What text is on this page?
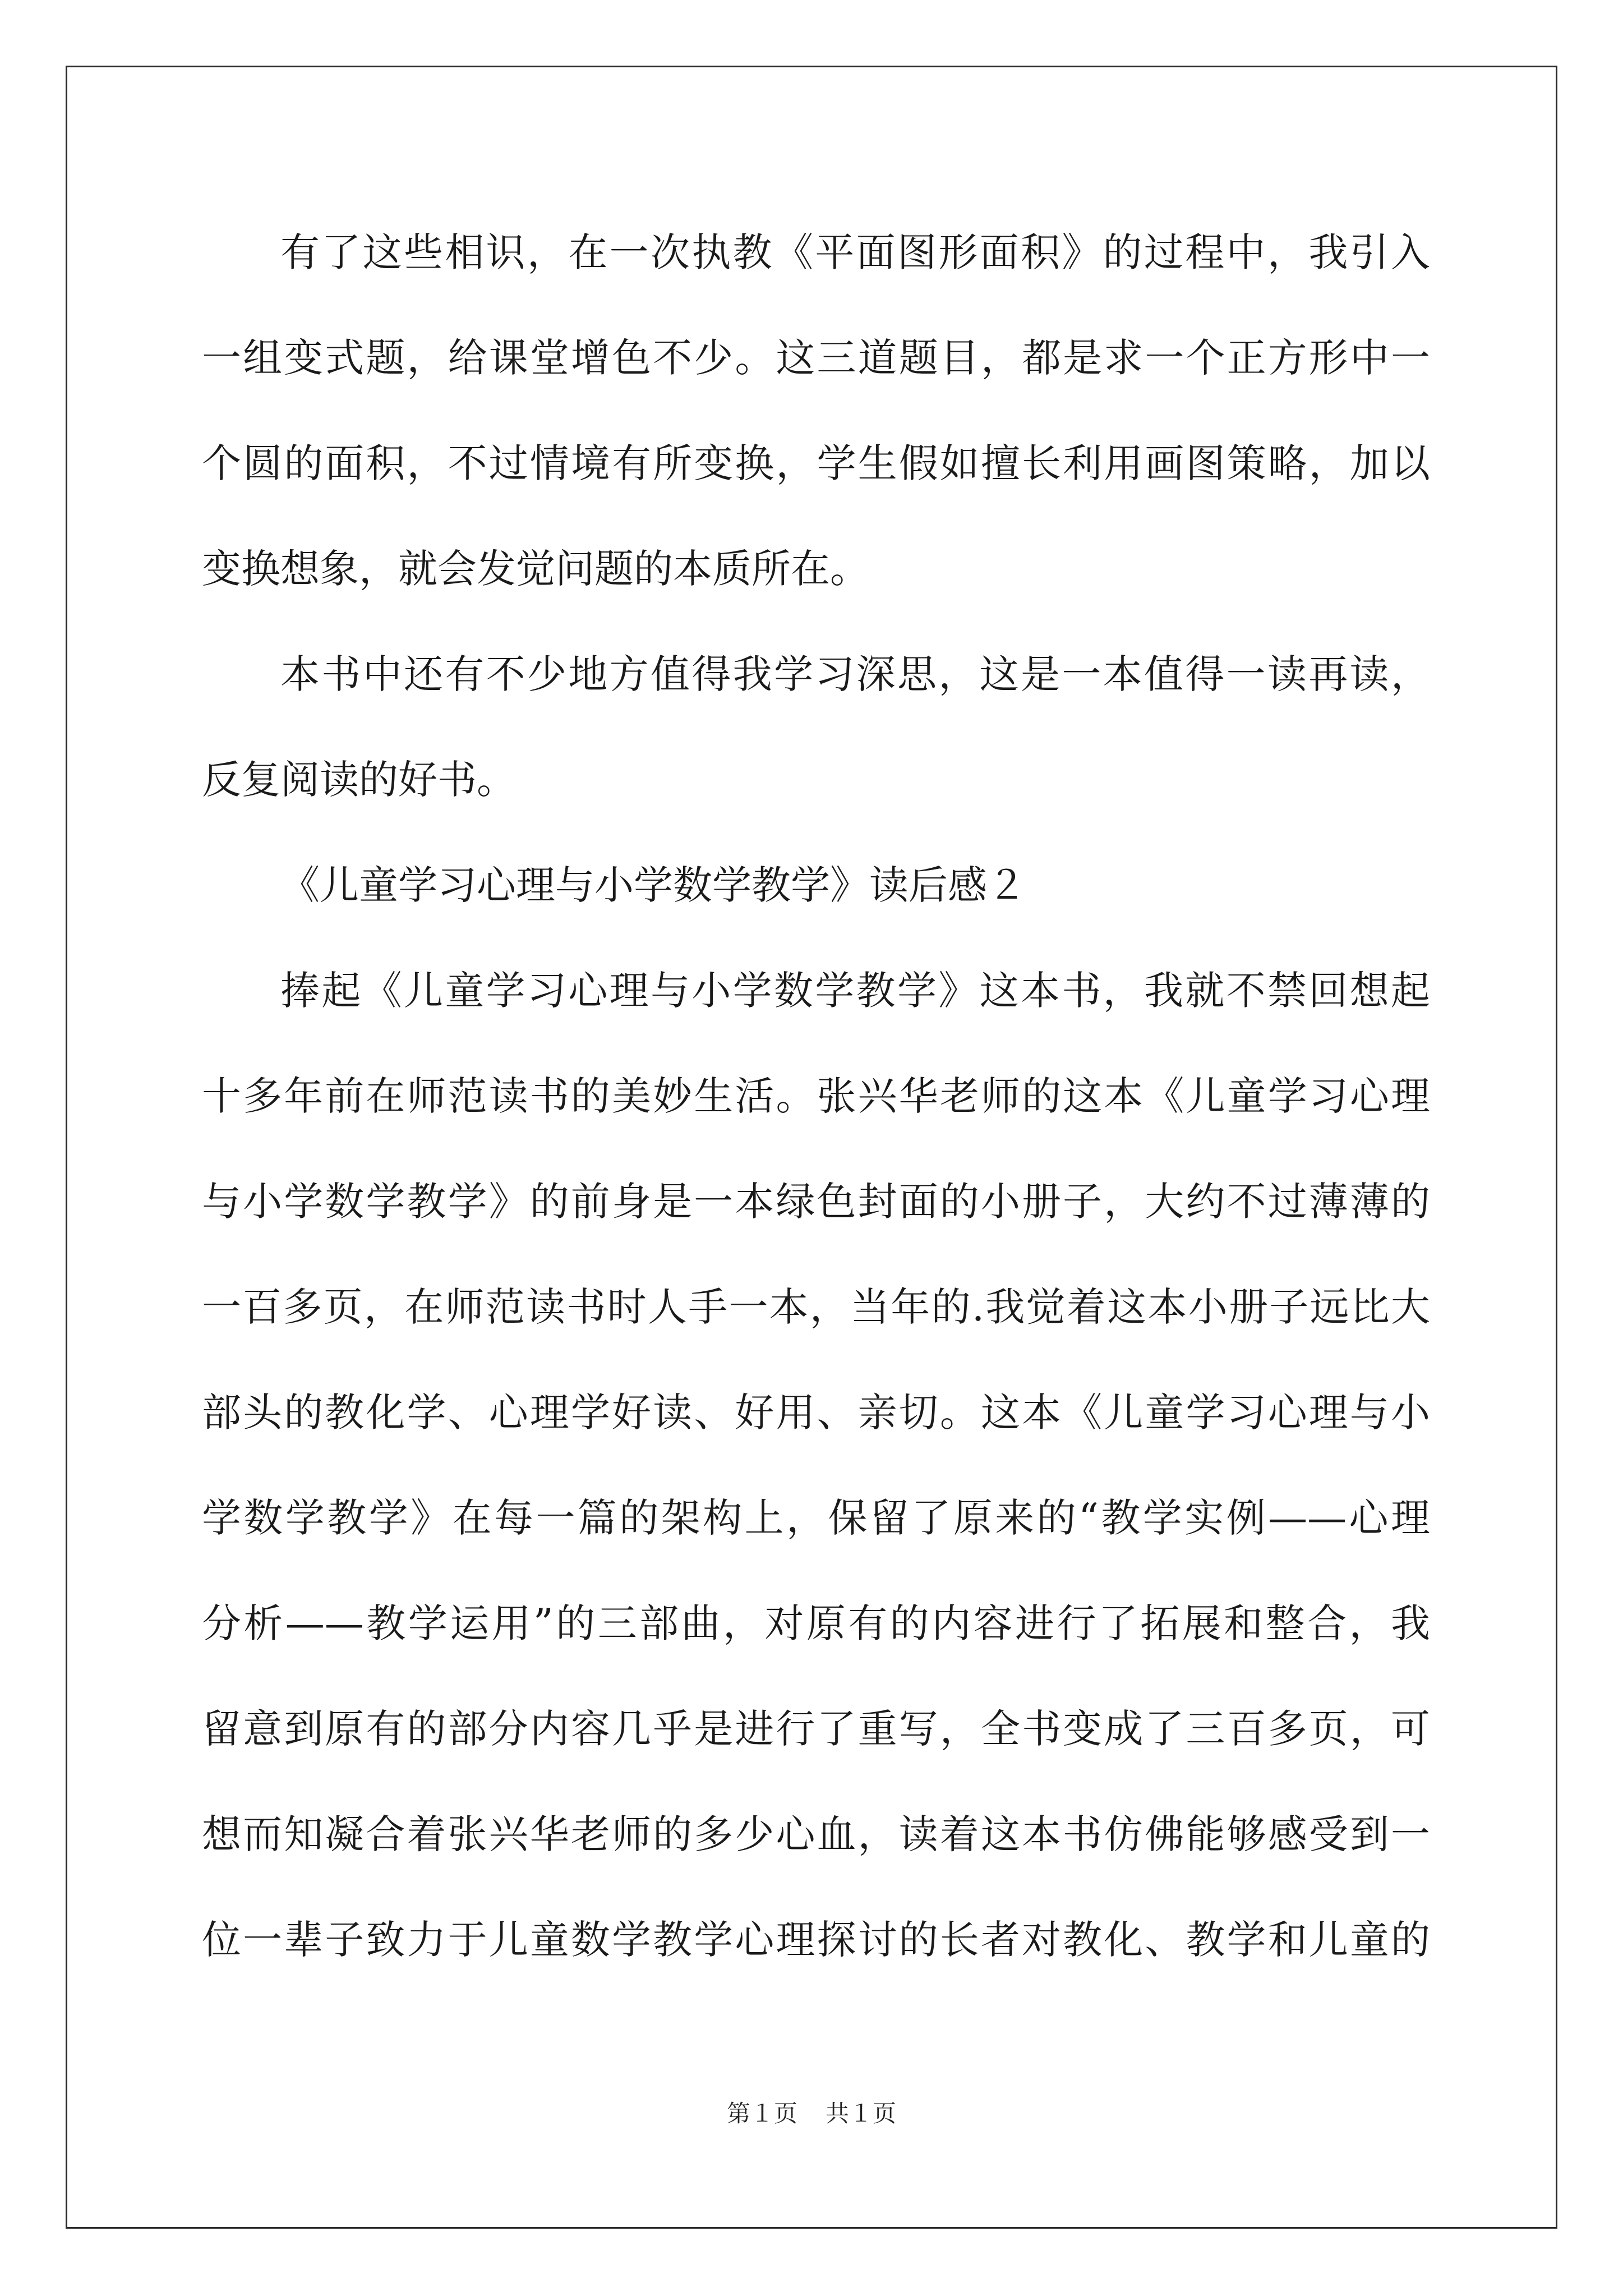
有了这些相识，在一次执教《平面图形面积》的过程中，我引入
一组变式题，给课堂增色不少。这三道题目，都是求一个正方形中一
个圆的面积，不过情境有所变换，学生假如擅长利用画图策略，加以
变换想象，就会发觉问题的本质所在。
本书中还有不少地方值得我学习深思，这是一本值得一读再读，
反复阅读的好书。
《儿童学习心理与小学数学教学》读后感２
捧起《儿童学习心理与小学数学教学》这本书，我就不禁回想起
十多年前在师范读书的美妙生活。张兴华老师的这本《儿童学习心理
与小学数学教学》的前身是一本绿色封面的小册子，大约不过薄薄的
一百多页，在师范读书时人手一本，当年的.我觉着这本小册子远比大
部头的教化学、心理学好读、好用、亲切。这本《儿童学习心理与小
学数学教学》在每一篇的架构上，保留了原来的“教学实例——心理
分析——教学运用”的三部曲，对原有的内容进行了拓展和整合，我
留意到原有的部分内容几乎是进行了重写，全书变成了三百多页，可
想而知凝合着张兴华老师的多少心血，读着这本书仿佛能够感受到一
位一辈子致力于儿童数学教学心理探讨的长者对教化、教学和儿童的
第１页 共１页
